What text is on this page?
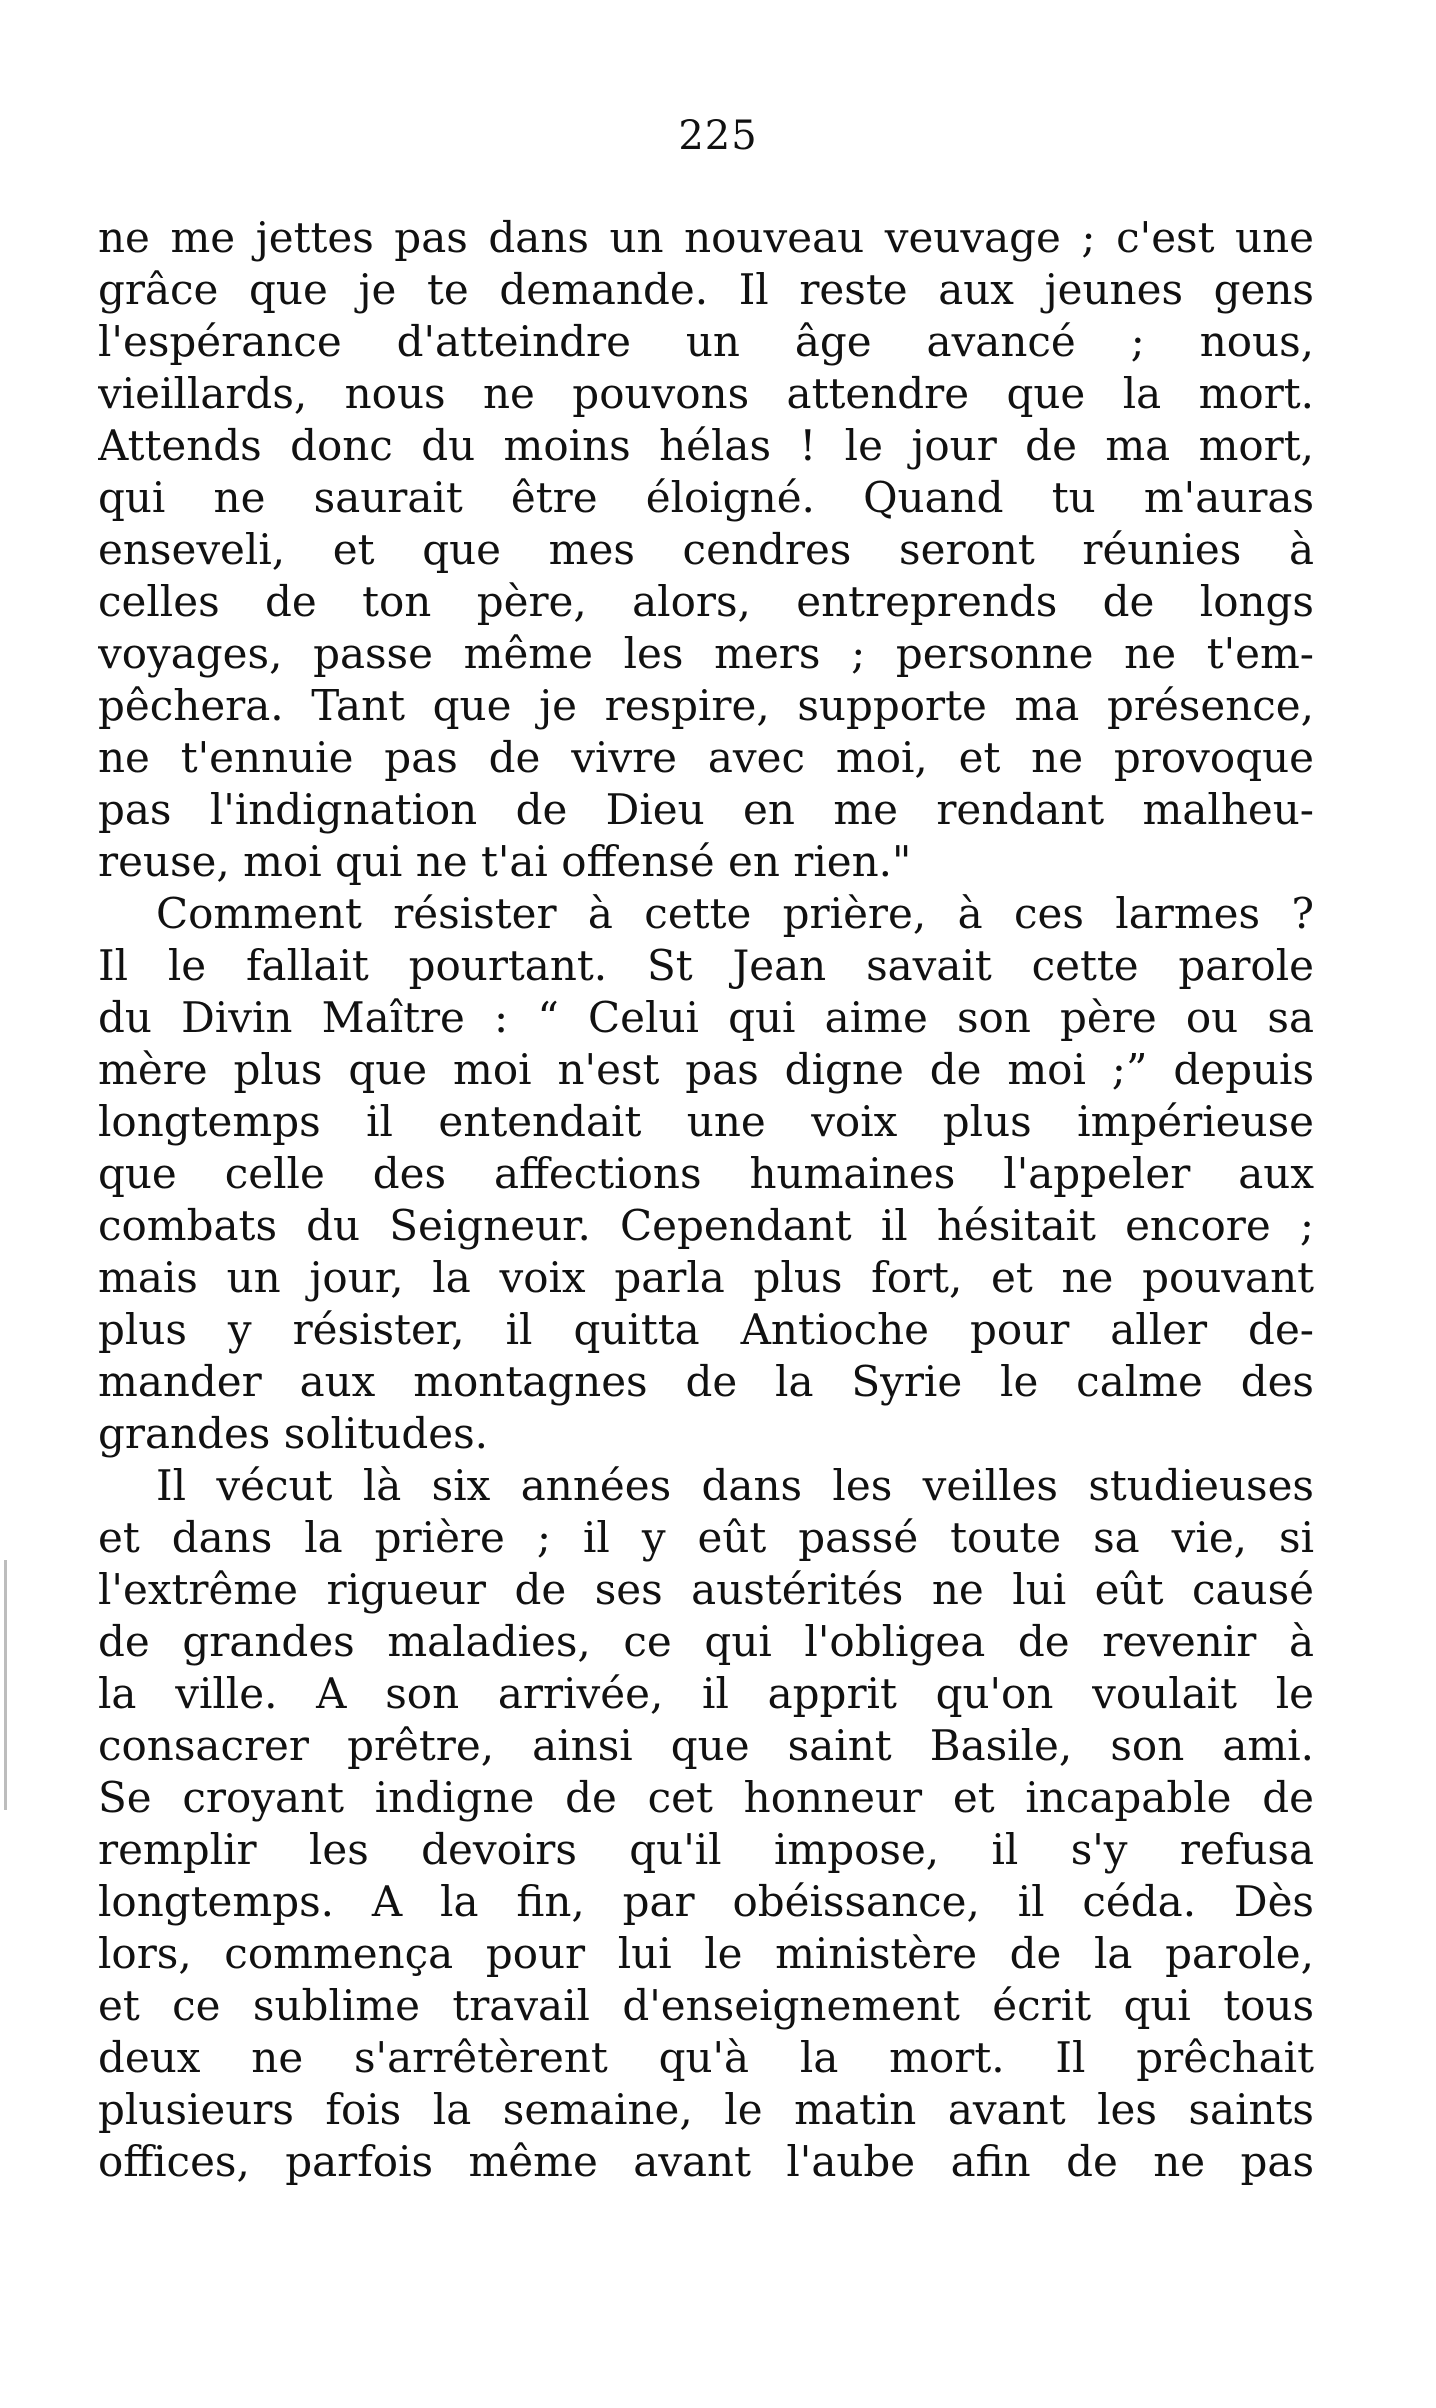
225
ne me jettes pas dans un nouveau veuvage ; c'est une
grâce que je te demande. Il reste aux jeunes gens
l'espérance d'atteindre un âge avancé ; nous,
vieillards, nous ne pouvons attendre que la mort.
Attends donc du moins hélas ! le jour de ma mort,
qui ne saurait être éloigné. Quand tu m'auras
enseveli, et que mes cendres seront réunies à
celles de ton père, alors, entreprends de longs
voyages, passe même les mers ; personne ne t'em-
pêchera. Tant que je respire, supporte ma présence,
ne t'ennuie pas de vivre avec moi, et ne provoque
pas l'indignation de Dieu en me rendant malheu-
reuse, moi qui ne t'ai offensé en rien."
Comment résister à cette prière, à ces larmes ?
Il le fallait pourtant. St Jean savait cette parole
du Divin Maître : “ Celui qui aime son père ou sa
mère plus que moi n'est pas digne de moi ;” depuis
longtemps il entendait une voix plus impérieuse
que celle des affections humaines l'appeler aux
combats du Seigneur. Cependant il hésitait encore ;
mais un jour, la voix parla plus fort, et ne pouvant
plus y résister, il quitta Antioche pour aller de-
mander aux montagnes de la Syrie le calme des
grandes solitudes.
Il vécut là six années dans les veilles studieuses
et dans la prière ; il y eût passé toute sa vie, si
l'extrême rigueur de ses austérités ne lui eût causé
de grandes maladies, ce qui l'obligea de revenir à
la ville. A son arrivée, il apprit qu'on voulait le
consacrer prêtre, ainsi que saint Basile, son ami.
Se croyant indigne de cet honneur et incapable de
remplir les devoirs qu'il impose, il s'y refusa
longtemps. A la fin, par obéissance, il céda. Dès
lors, commença pour lui le ministère de la parole,
et ce sublime travail d'enseignement écrit qui tous
deux ne s'arrêtèrent qu'à la mort. Il prêchait
plusieurs fois la semaine, le matin avant les saints
offices, parfois même avant l'aube afin de ne pas
